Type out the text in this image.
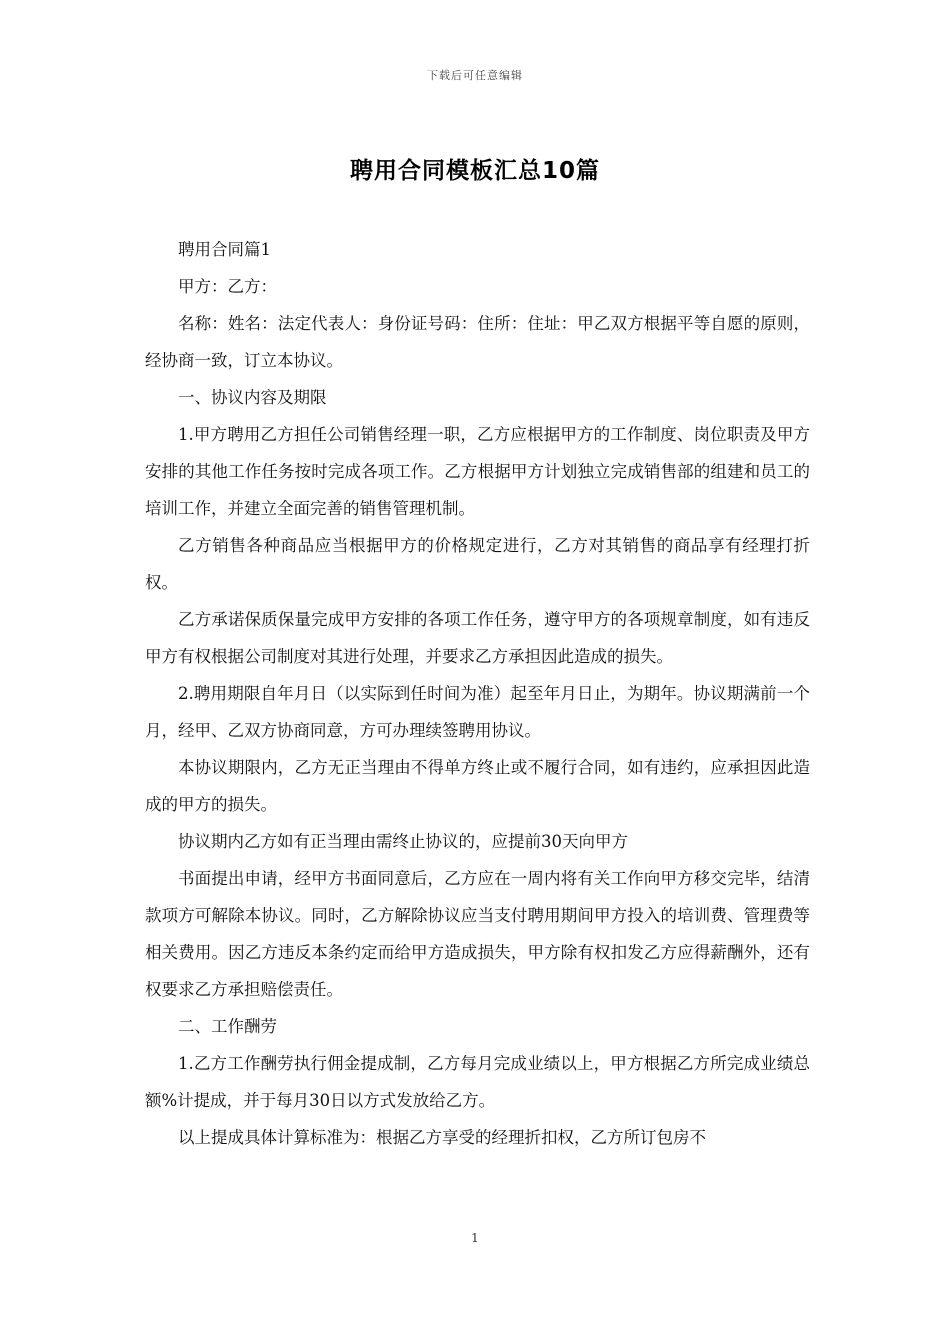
下载后可任意编辑
聘用合同模板汇总10篇

聘用合同篇1

甲方：乙方：

名称：姓名：法定代表人：身份证号码：住所：住址：甲乙双方根据平等自愿的原则，经协商一致，订立本协议。

一、协议内容及期限

1.甲方聘用乙方担任公司销售经理一职，乙方应根据甲方的工作制度、岗位职责及甲方安排的其他工作任务按时完成各项工作。乙方根据甲方计划独立完成销售部的组建和员工的培训工作，并建立全面完善的销售管理机制。

乙方销售各种商品应当根据甲方的价格规定进行，乙方对其销售的商品享有经理打折权。

乙方承诺保质保量完成甲方安排的各项工作任务，遵守甲方的各项规章制度，如有违反甲方有权根据公司制度对其进行处理，并要求乙方承担因此造成的损失。

2.聘用期限自年月日（以实际到任时间为准）起至年月日止，为期年。协议期满前一个月，经甲、乙双方协商同意，方可办理续签聘用协议。

本协议期限内，乙方无正当理由不得单方终止或不履行合同，如有违约，应承担因此造成的甲方的损失。

协议期内乙方如有正当理由需终止协议的，应提前30天向甲方

书面提出申请，经甲方书面同意后，乙方应在一周内将有关工作向甲方移交完毕，结清款项方可解除本协议。同时，乙方解除协议应当支付聘用期间甲方投入的培训费、管理费等相关费用。因乙方违反本条约定而给甲方造成损失，甲方除有权扣发乙方应得薪酬外，还有权要求乙方承担赔偿责任。

二、工作酬劳

1.乙方工作酬劳执行佣金提成制，乙方每月完成业绩以上，甲方根据乙方所完成业绩总额%计提成，并于每月30日以方式发放给乙方。

以上提成具体计算标准为：根据乙方享受的经理折扣权，乙方所订包房不

1
